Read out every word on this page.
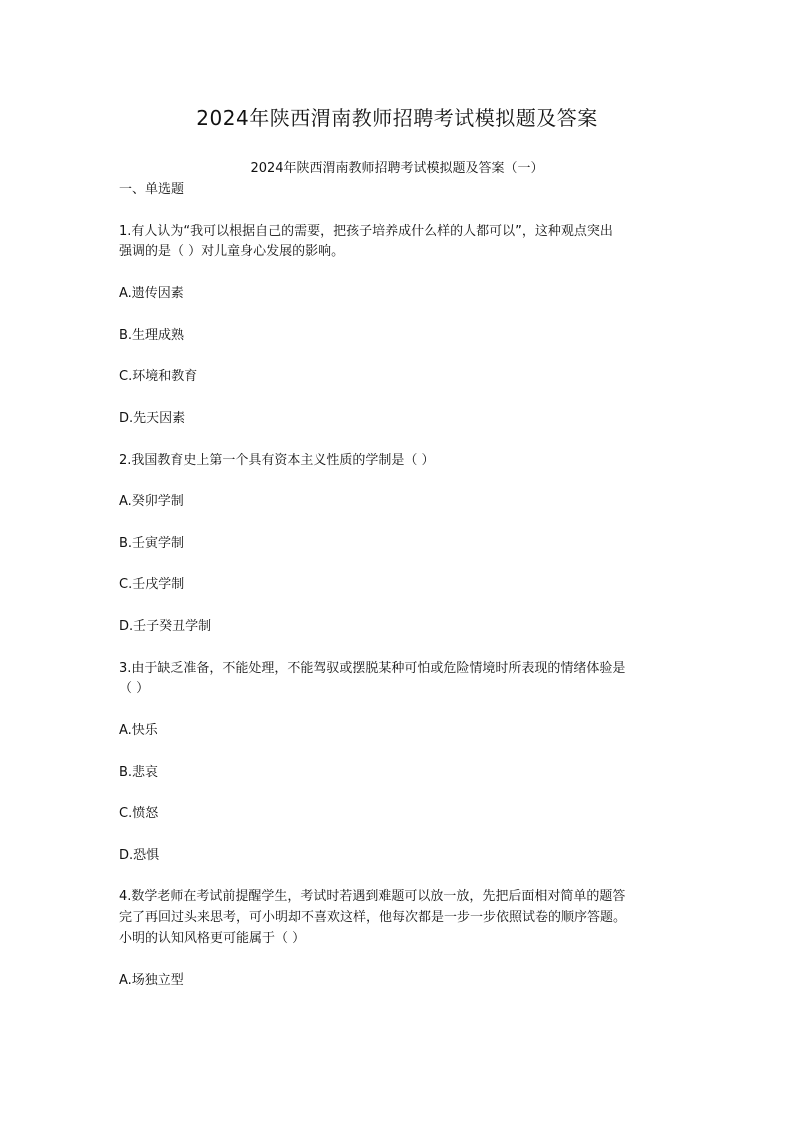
2024年陕西渭南教师招聘考试模拟题及答案
2024年陕西渭南教师招聘考试模拟题及答案（一）
一、单选题
1.有人认为“我可以根据自己的需要，把孩子培养成什么样的人都可以”，这种观点突出
强调的是（ ）对儿童身心发展的影响。
A.遗传因素
B.生理成熟
C.环境和教育
D.先天因素
2.我国教育史上第一个具有资本主义性质的学制是（ ）
A.癸卯学制
B.壬寅学制
C.壬戌学制
D.壬子癸丑学制
3.由于缺乏准备，不能处理，不能驾驭或摆脱某种可怕或危险情境时所表现的情绪体验是
（ ）
A.快乐
B.悲哀
C.愤怒
D.恐惧
4.数学老师在考试前提醒学生，考试时若遇到难题可以放一放，先把后面相对简单的题答
完了再回过头来思考，可小明却不喜欢这样，他每次都是一步一步依照试卷的顺序答题。
小明的认知风格更可能属于（ ）
A.场独立型
